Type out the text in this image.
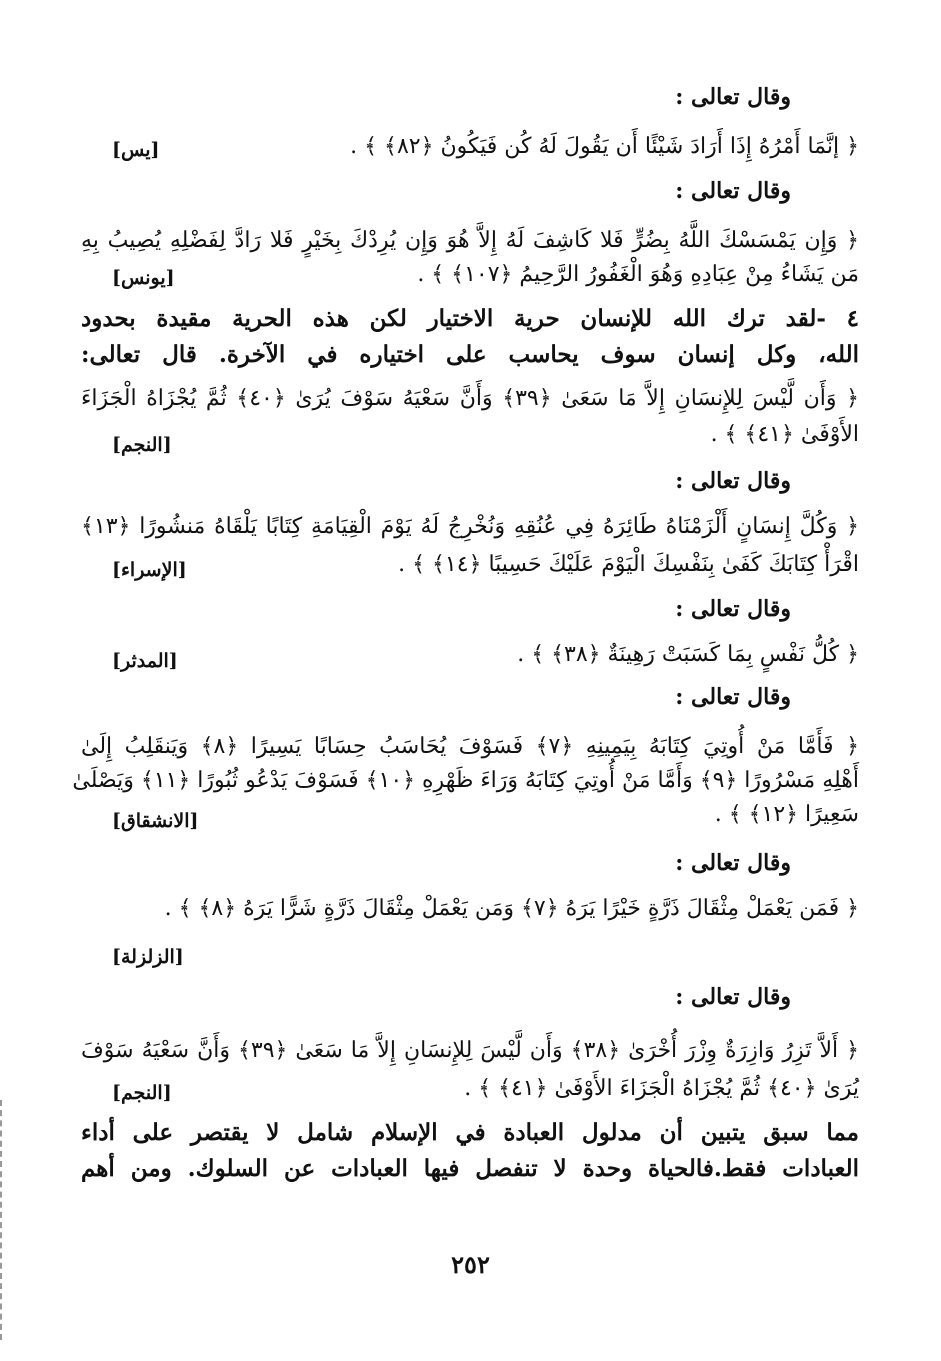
وقال تعالى :
﴿ إنَّمَا أَمْرُهُ إِذَا أَرَادَ شَيْئًا أَن يَقُولَ لَهُ كُن فَيَكُونُ ﴿٨٢﴾ ﴾ .
[يس]
وقال تعالى :
﴿ وَإِن يَمْسَسْكَ اللَّهُ بِضُرٍّ فَلا كَاشِفَ لَهُ إِلاَّ هُوَ وَإِن يُرِدْكَ بِخَيْرٍ فَلا رَادَّ لِفَضْلِهِ يُصِيبُ بِهِ
مَن يَشَاءُ مِنْ عِبَادِهِ وَهُوَ الْغَفُورُ الرَّحِيمُ ﴿١٠٧﴾ ﴾ .
[يونس]
٤ -لقد ترك الله للإنسان حرية الاختيار لكن هذه الحرية مقيدة بحدود
الله، وكل إنسان سوف يحاسب على اختياره في الآخرة. قال تعالى:
﴿ وَأَن لَّيْسَ لِلإِنسَانِ إِلاَّ مَا سَعَىٰ ﴿٣٩﴾ وَأَنَّ سَعْيَهُ سَوْفَ يُرَىٰ ﴿٤٠﴾ ثُمَّ يُجْزَاهُ الْجَزَاءَ
الأَوْفَىٰ ﴿٤١﴾ ﴾ .
[النجم]
وقال تعالى :
﴿ وَكُلَّ إِنسَانٍ أَلْزَمْنَاهُ طَائِرَهُ فِي عُنُقِهِ وَنُخْرِجُ لَهُ يَوْمَ الْقِيَامَةِ كِتَابًا يَلْقَاهُ مَنشُورًا ﴿١٣﴾
اقْرَأْ كِتَابَكَ كَفَىٰ بِنَفْسِكَ الْيَوْمَ عَلَيْكَ حَسِيبًا ﴿١٤﴾ ﴾ .
[الإسراء]
وقال تعالى :
﴿ كُلُّ نَفْسٍ بِمَا كَسَبَتْ رَهِينَةٌ ﴿٣٨﴾ ﴾ .
[المدثر]
وقال تعالى :
﴿ فَأَمَّا مَنْ أُوتِيَ كِتَابَهُ بِيَمِينِهِ ﴿٧﴾ فَسَوْفَ يُحَاسَبُ حِسَابًا يَسِيرًا ﴿٨﴾ وَيَنقَلِبُ إِلَىٰ
أَهْلِهِ مَسْرُورًا ﴿٩﴾ وَأَمَّا مَنْ أُوتِيَ كِتَابَهُ وَرَاءَ ظَهْرِهِ ﴿١٠﴾ فَسَوْفَ يَدْعُو ثُبُورًا ﴿١١﴾ وَيَصْلَىٰ
سَعِيرًا ﴿١٢﴾ ﴾ .
[الانشقاق]
وقال تعالى :
﴿ فَمَن يَعْمَلْ مِثْقَالَ ذَرَّةٍ خَيْرًا يَرَهُ ﴿٧﴾ وَمَن يَعْمَلْ مِثْقَالَ ذَرَّةٍ شَرًّا يَرَهُ ﴿٨﴾ ﴾ .
[الزلزلة]
وقال تعالى :
﴿ أَلاَّ تَزِرُ وَازِرَةٌ وِزْرَ أُخْرَىٰ ﴿٣٨﴾ وَأَن لَّيْسَ لِلإِنسَانِ إِلاَّ مَا سَعَىٰ ﴿٣٩﴾ وَأَنَّ سَعْيَهُ سَوْفَ
يُرَىٰ ﴿٤٠﴾ ثُمَّ يُجْزَاهُ الْجَزَاءَ الأَوْفَىٰ ﴿٤١﴾ ﴾ .
[النجم]
مما سبق يتبين أن مدلول العبادة في الإسلام شامل لا يقتصر على أداء
العبادات فقط.فالحياة وحدة لا تنفصل فيها العبادات عن السلوك. ومن أهم
٢٥٢
